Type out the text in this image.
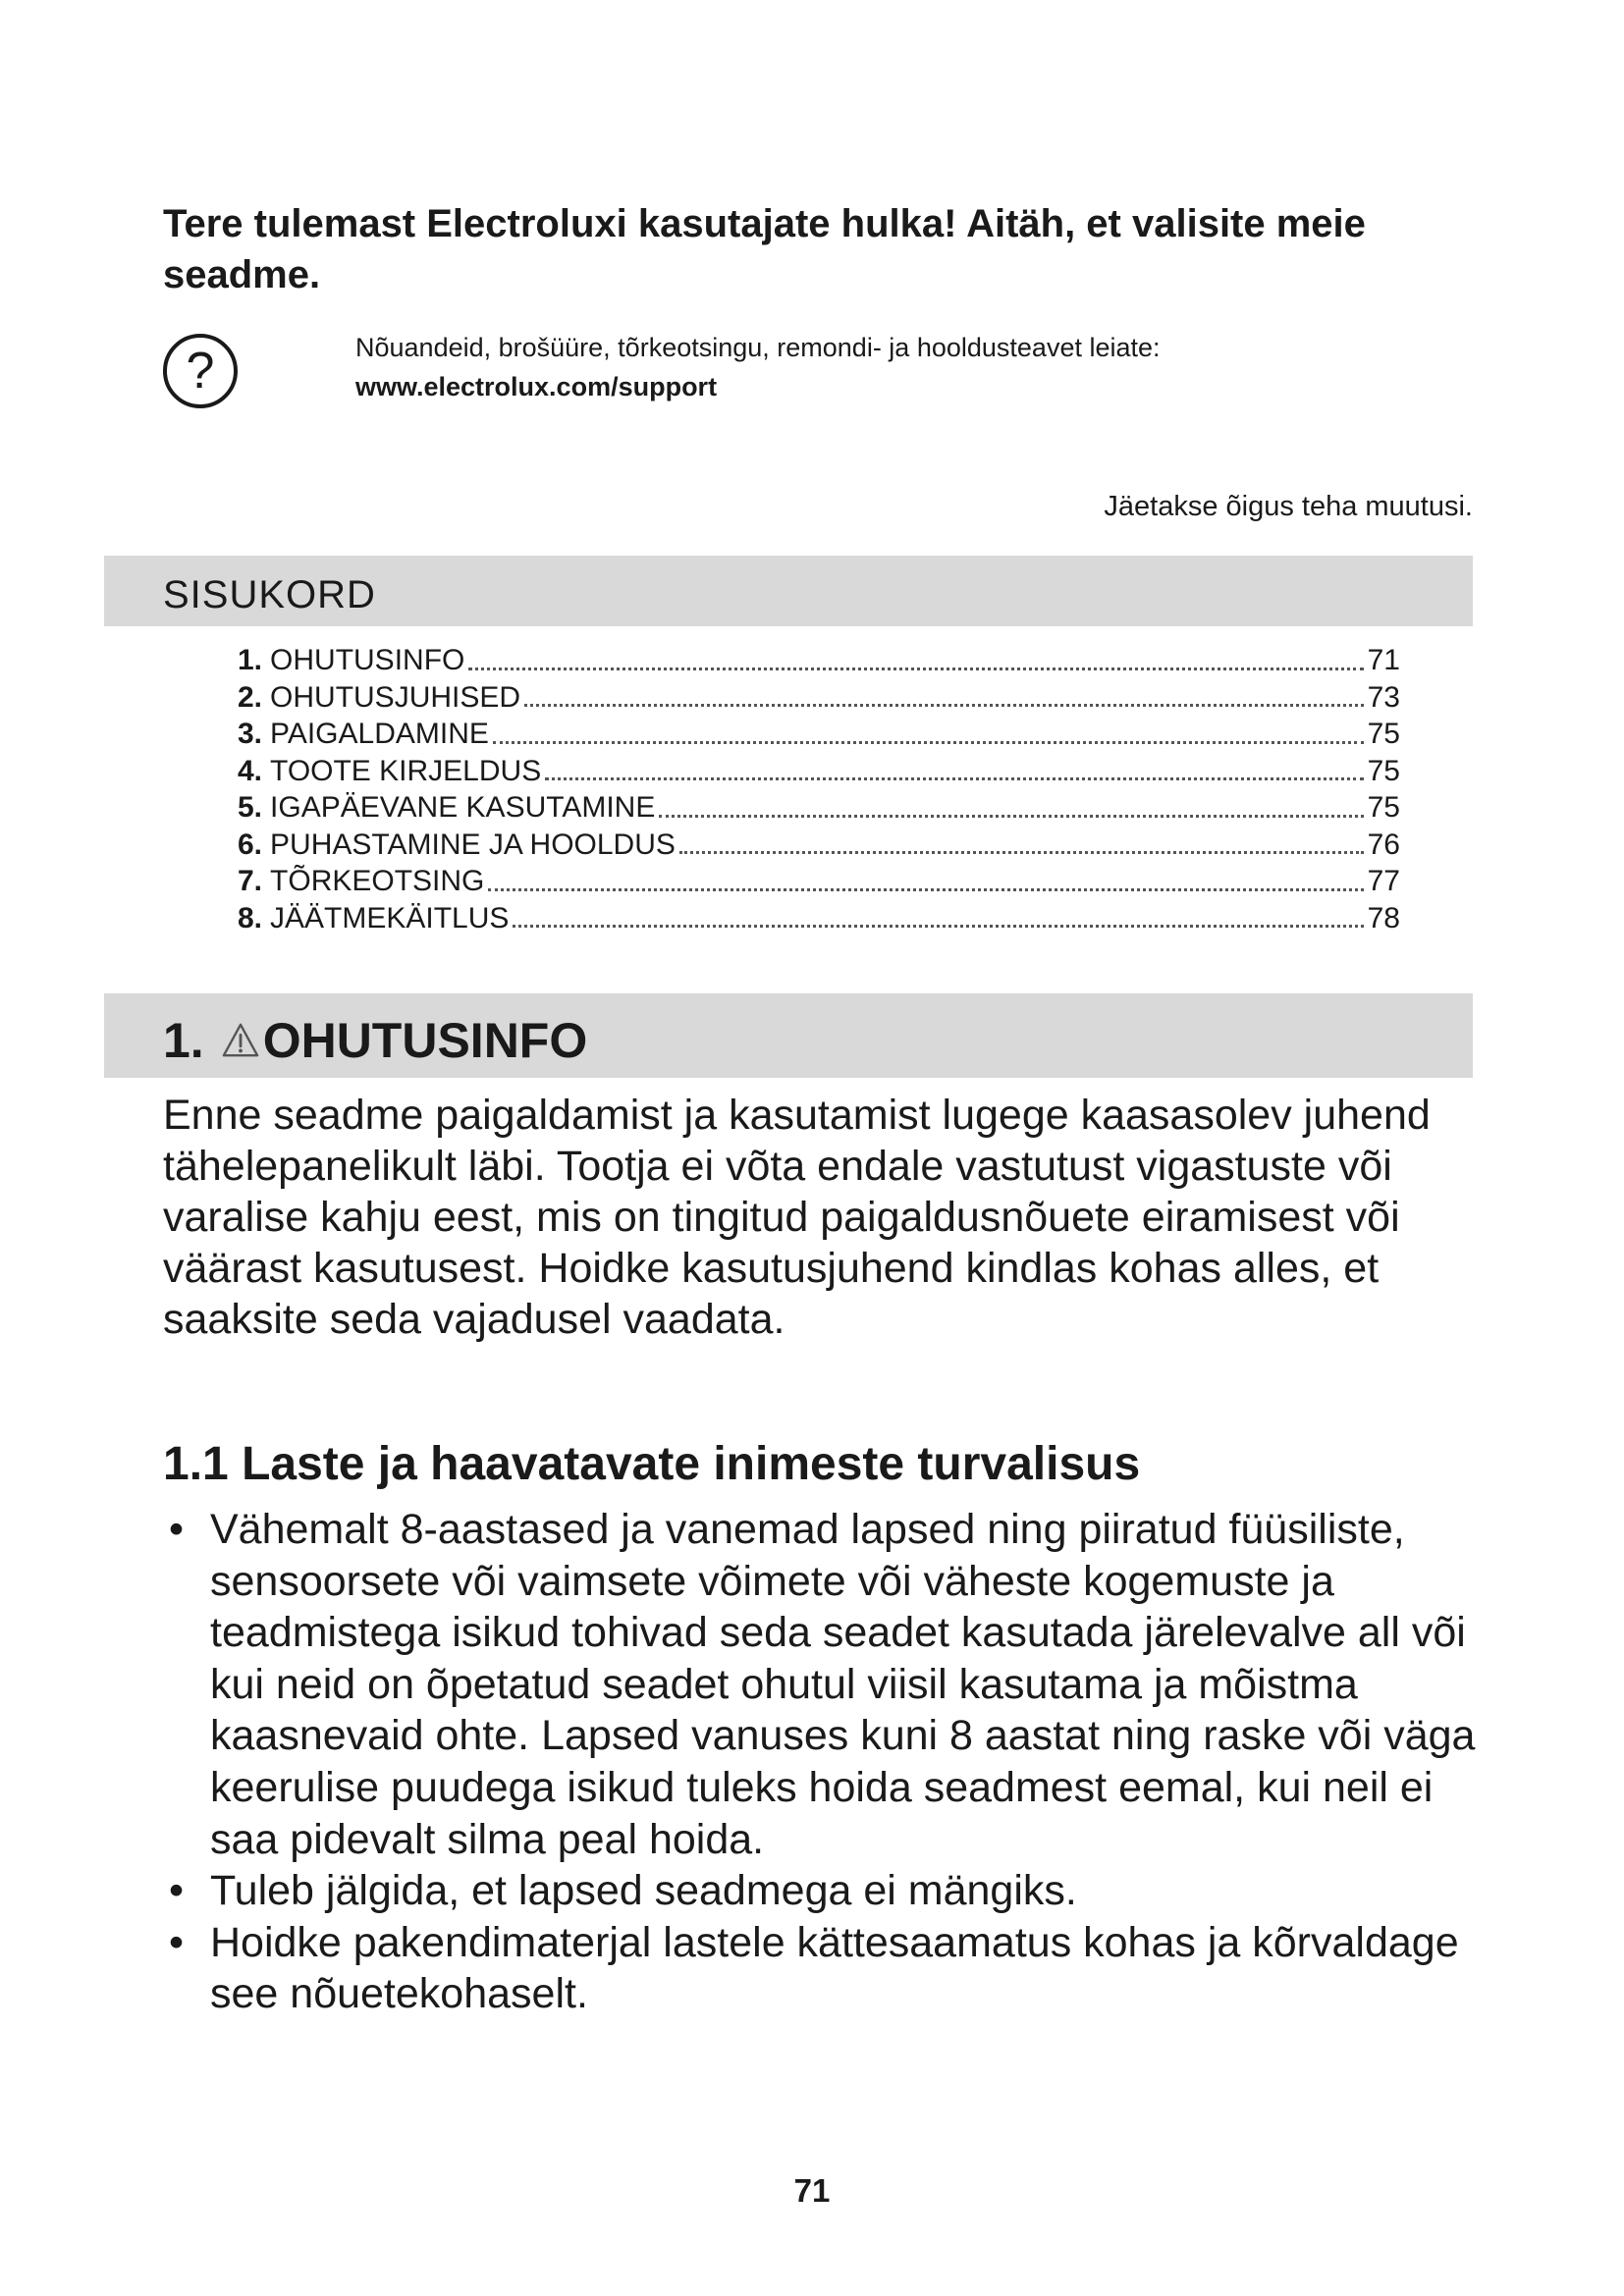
Tere tulemast Electroluxi kasutajate hulka! Aitäh, et valisite meie seadme.
?	Nõuandeid, brošüüre, tõrkeotsingu, remondi- ja hooldusteavet leiate:
www.electrolux.com/support
Jäetakse õigus teha muutusi.
SISUKORD
1. OHUTUSINFO	71
2. OHUTUSJUHISED	73
3. PAIGALDAMINE	75
4. TOOTE KIRJELDUS	75
5. IGAPÄEVANE KASUTAMINE	75
6. PUHASTAMINE JA HOOLDUS	76
7. TÕRKEOTSING	77
8. JÄÄTMEKÄITLUS	78
1. OHUTUSINFO
Enne seadme paigaldamist ja kasutamist lugege kaasasolev juhend tähelepanelikult läbi. Tootja ei võta endale vastutust vigastuste või varalise kahju eest, mis on tingitud paigaldusnõuete eiramisest või väärast kasutusest. Hoidke kasutusjuhend kindlas kohas alles, et saaksite seda vajadusel vaadata.
1.1 Laste ja haavatavate inimeste turvalisus
• Vähemalt 8-aastased ja vanemad lapsed ning piiratud füüsiliste, sensoorsete või vaimsete võimete või väheste kogemuste ja teadmistega isikud tohivad seda seadet kasutada järelevalve all või kui neid on õpetatud seadet ohutul viisil kasutama ja mõistma kaasnevaid ohte. Lapsed vanuses kuni 8 aastat ning raske või väga keerulise puudega isikud tuleks hoida seadmest eemal, kui neil ei saa pidevalt silma peal hoida.
• Tuleb jälgida, et lapsed seadmega ei mängiks.
• Hoidke pakendimaterjal lastele kättesaamatus kohas ja kõrvaldage see nõuetekohaselt.
71
